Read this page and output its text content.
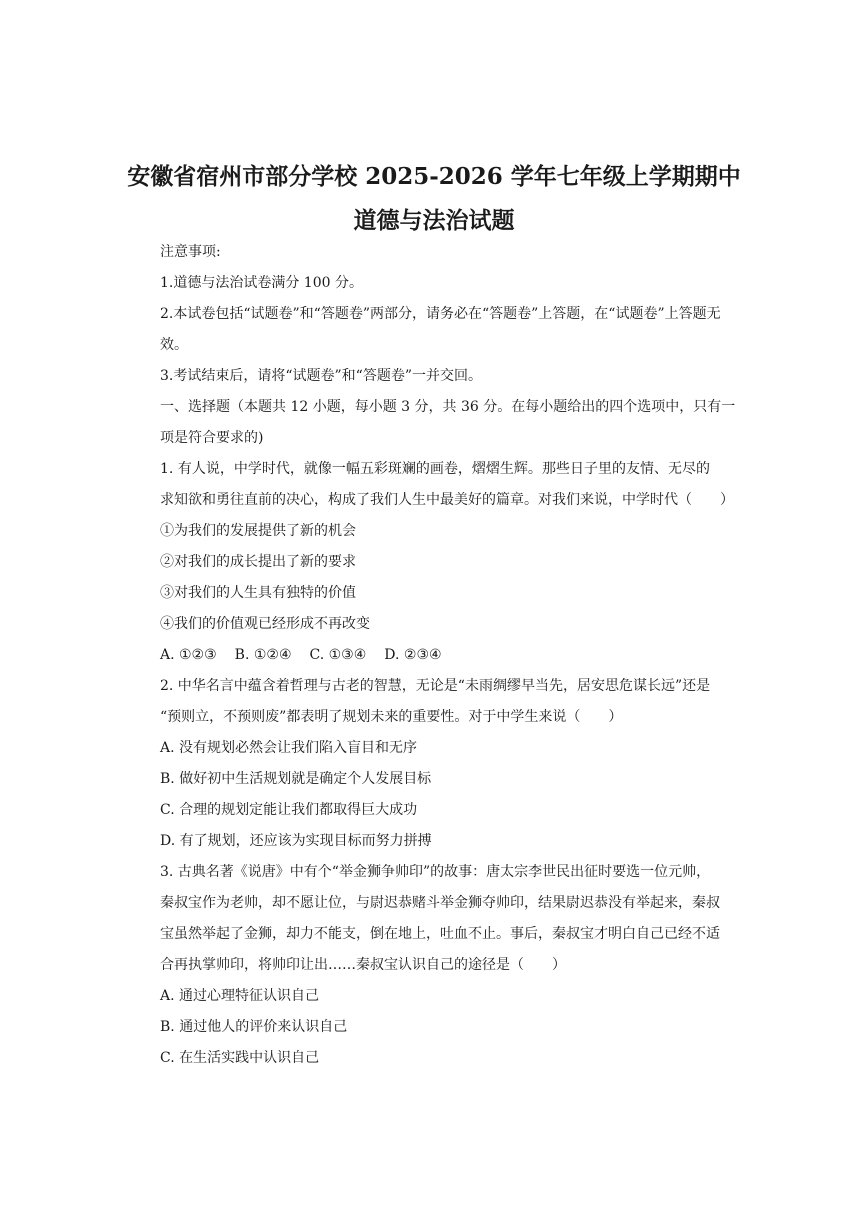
安徽省宿州市部分学校 2025-2026 学年七年级上学期期中
道德与法治试题
注意事项:
1.道德与法治试卷满分 100 分。
2.本试卷包括“试题卷”和“答题卷”两部分，请务必在“答题卷”上答题，在“试题卷”上答题无
效。
3.考试结束后，请将“试题卷”和“答题卷”一并交回。
一、选择题（本题共 12 小题，每小题 3 分，共 36 分。在每小题给出的四个选项中，只有一
项是符合要求的)
1. 有人说，中学时代，就像一幅五彩斑斓的画卷，熠熠生辉。那些日子里的友情、无尽的
求知欲和勇往直前的决心，构成了我们人生中最美好的篇章。对我们来说，中学时代（　　）
①为我们的发展提供了新的机会
②对我们的成长提出了新的要求
③对我们的人生具有独特的价值
④我们的价值观已经形成不再改变
A. ①②③ B. ①②④ C. ①③④ D. ②③④
2. 中华名言中蕴含着哲理与古老的智慧，无论是“未雨绸缪早当先，居安思危谋长远”还是
“预则立，不预则废”都表明了规划未来的重要性。对于中学生来说（　　）
A. 没有规划必然会让我们陷入盲目和无序
B. 做好初中生活规划就是确定个人发展目标
C. 合理的规划定能让我们都取得巨大成功
D. 有了规划，还应该为实现目标而努力拼搏
3. 古典名著《说唐》中有个“举金狮争帅印”的故事：唐太宗李世民出征时要选一位元帅，
秦叔宝作为老帅，却不愿让位，与尉迟恭赌斗举金狮夺帅印，结果尉迟恭没有举起来，秦叔
宝虽然举起了金狮，却力不能支，倒在地上，吐血不止。事后，秦叔宝才明白自己已经不适
合再执掌帅印，将帅印让出……秦叔宝认识自己的途径是（　　）
A. 通过心理特征认识自己
B. 通过他人的评价来认识自己
C. 在生活实践中认识自己
